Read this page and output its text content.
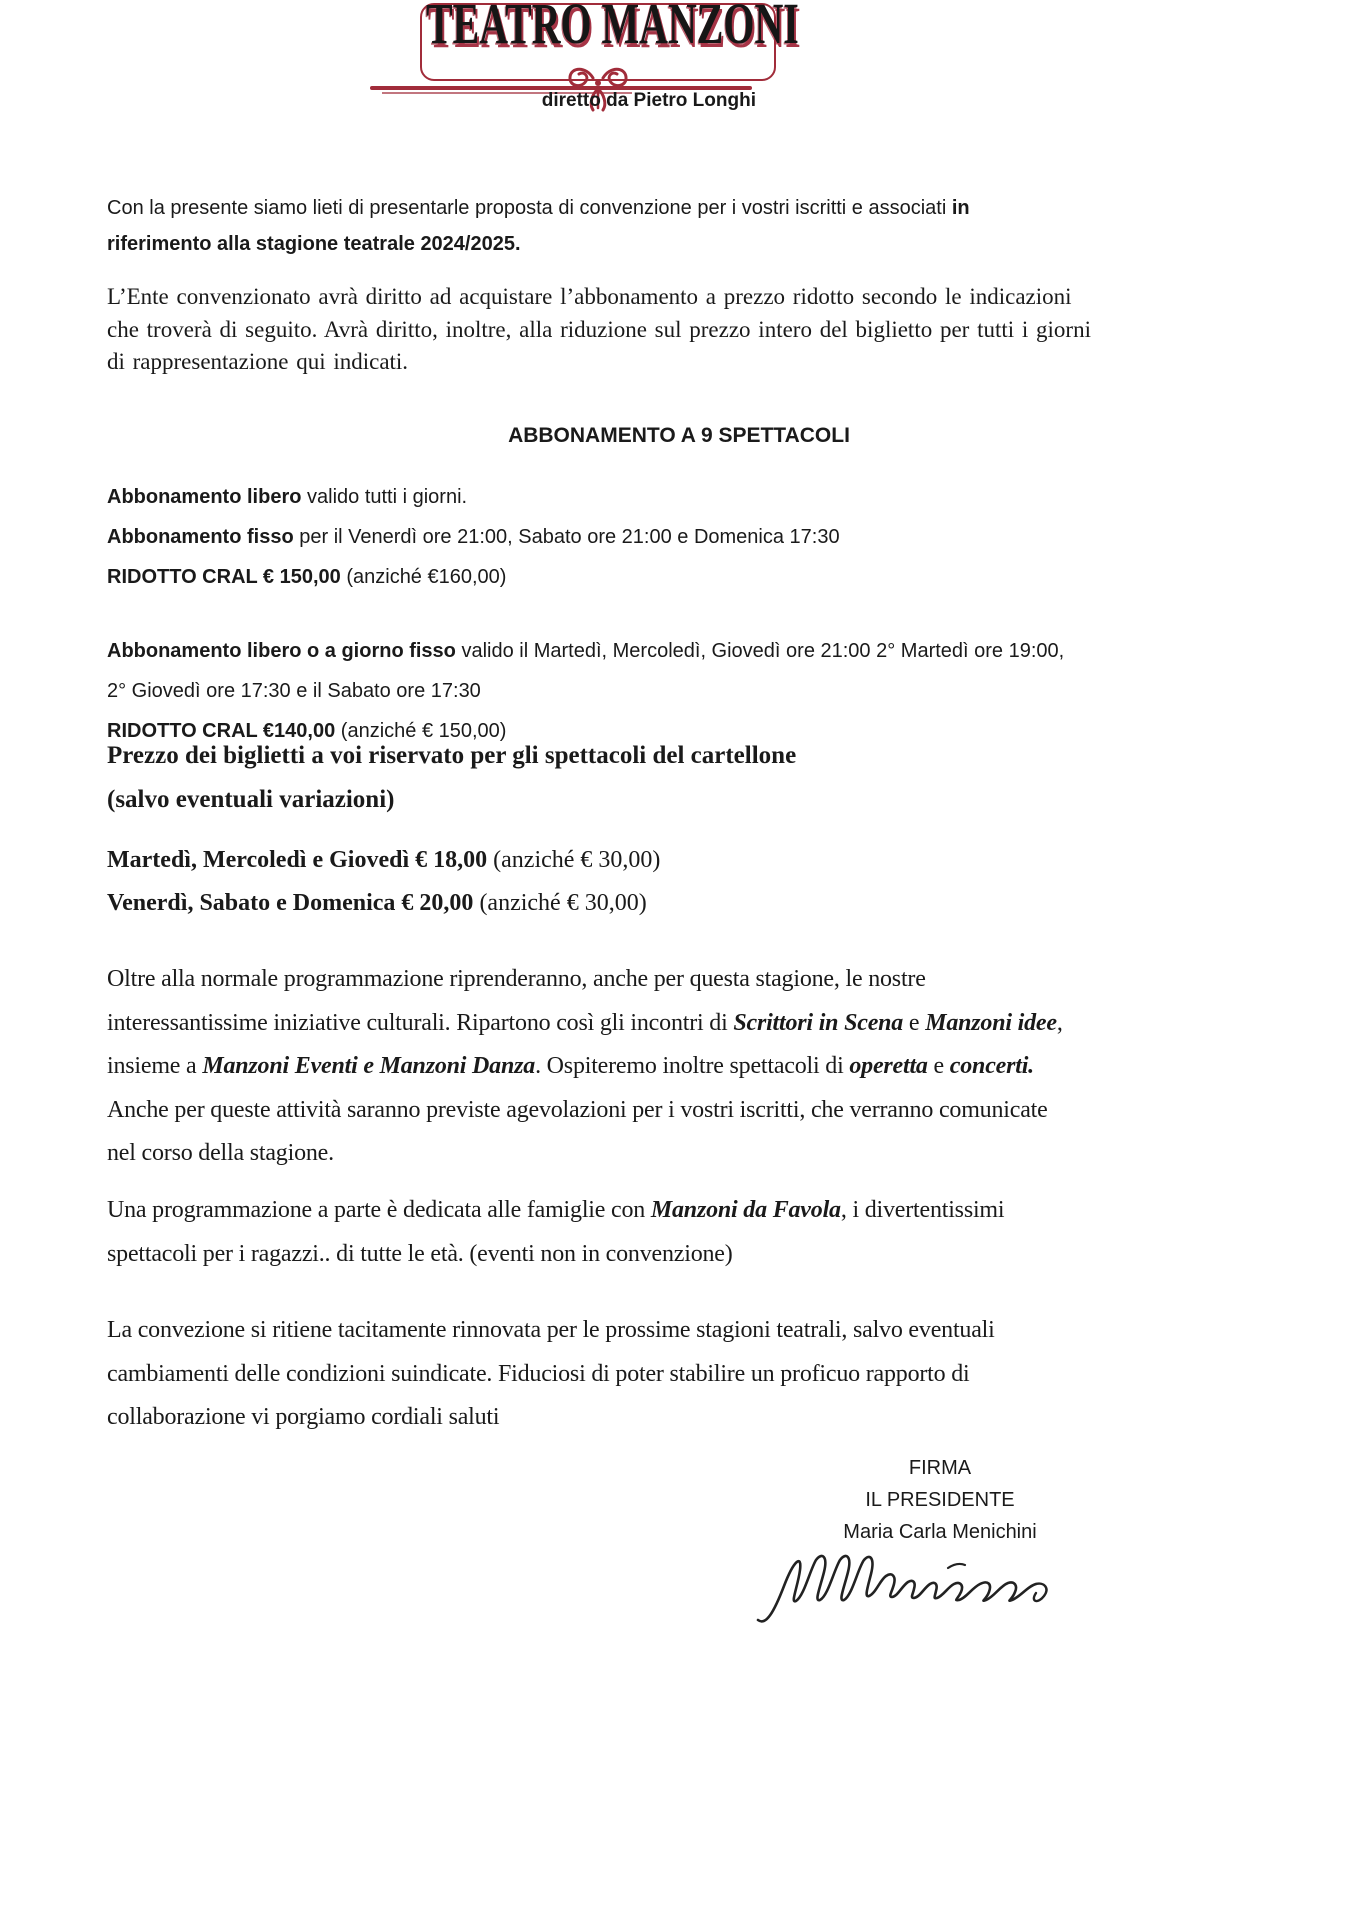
TEATRO MANZONI
diretto da Pietro Longhi
Con la presente siamo lieti di presentarle proposta di convenzione per i vostri iscritti e associati in
riferimento alla stagione teatrale 2024/2025.
L’Ente convenzionato avrà diritto ad acquistare l’abbonamento a prezzo ridotto secondo le indicazioni
che troverà di seguito. Avrà diritto, inoltre, alla riduzione sul prezzo intero del biglietto per tutti i giorni
di rappresentazione qui indicati.
ABBONAMENTO A 9 SPETTACOLI
Abbonamento libero valido tutti i giorni.
Abbonamento fisso per il Venerdì ore 21:00, Sabato ore 21:00 e Domenica 17:30
RIDOTTO CRAL € 150,00 (anziché €160,00)
Abbonamento libero o a giorno fisso valido il Martedì, Mercoledì, Giovedì ore 21:00 2° Martedì ore 19:00,
2° Giovedì ore 17:30 e il Sabato ore 17:30
RIDOTTO CRAL €140,00 (anziché € 150,00)
Prezzo dei biglietti a voi riservato per gli spettacoli del cartellone
(salvo eventuali variazioni)
Martedì, Mercoledì e Giovedì € 18,00 (anziché € 30,00)
Venerdì, Sabato e Domenica € 20,00 (anziché € 30,00)
Oltre alla normale programmazione riprenderanno, anche per questa stagione, le nostre
interessantissime iniziative culturali. Ripartono così gli incontri di Scrittori in Scena e Manzoni idee,
insieme a Manzoni Eventi e Manzoni Danza. Ospiteremo inoltre spettacoli di operetta e concerti.
Anche per queste attività saranno previste agevolazioni per i vostri iscritti, che verranno comunicate
nel corso della stagione.
Una programmazione a parte è dedicata alle famiglie con Manzoni da Favola, i divertentissimi
spettacoli per i ragazzi.. di tutte le età. (eventi non in convenzione)
La convezione si ritiene tacitamente rinnovata per le prossime stagioni teatrali, salvo eventuali
cambiamenti delle condizioni suindicate. Fiduciosi di poter stabilire un proficuo rapporto di
collaborazione vi porgiamo cordiali saluti
FIRMA
IL PRESIDENTE
Maria Carla Menichini
